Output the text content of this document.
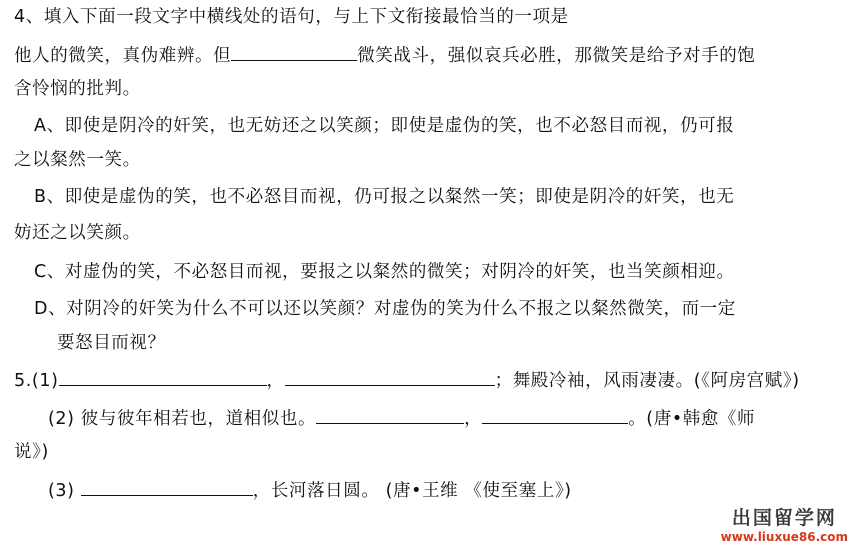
4、填入下面一段文字中横线处的语句，与上下文衔接最恰当的一项是
他人的微笑，真伪难辨。但	微笑战斗，强似哀兵必胜，那微笑是给予对手的饱
含怜悯的批判。
A、即使是阴冷的奸笑，也无妨还之以笑颜；即使是虚伪的笑，也不必怒目而视，仍可报
之以粲然一笑。
B、即使是虚伪的笑，也不必怒目而视，仍可报之以粲然一笑；即使是阴冷的奸笑，也无
妨还之以笑颜。
C、对虚伪的笑，不必怒目而视，要报之以粲然的微笑；对阴冷的奸笑，也当笑颜相迎。
D、对阴冷的奸笑为什么不可以还以笑颜？对虚伪的笑为什么不报之以粲然微笑，而一定
要怒目而视？
5.(1)	，	；舞殿冷袖，风雨凄凄。(《阿房宫赋》)
(2) 彼与彼年相若也，道相似也。	，	。(唐•韩愈《师
说》)
(3)	，长河落日圆。 (唐•王维 《使至塞上》)
出国留学网
www.liuxue86.com
